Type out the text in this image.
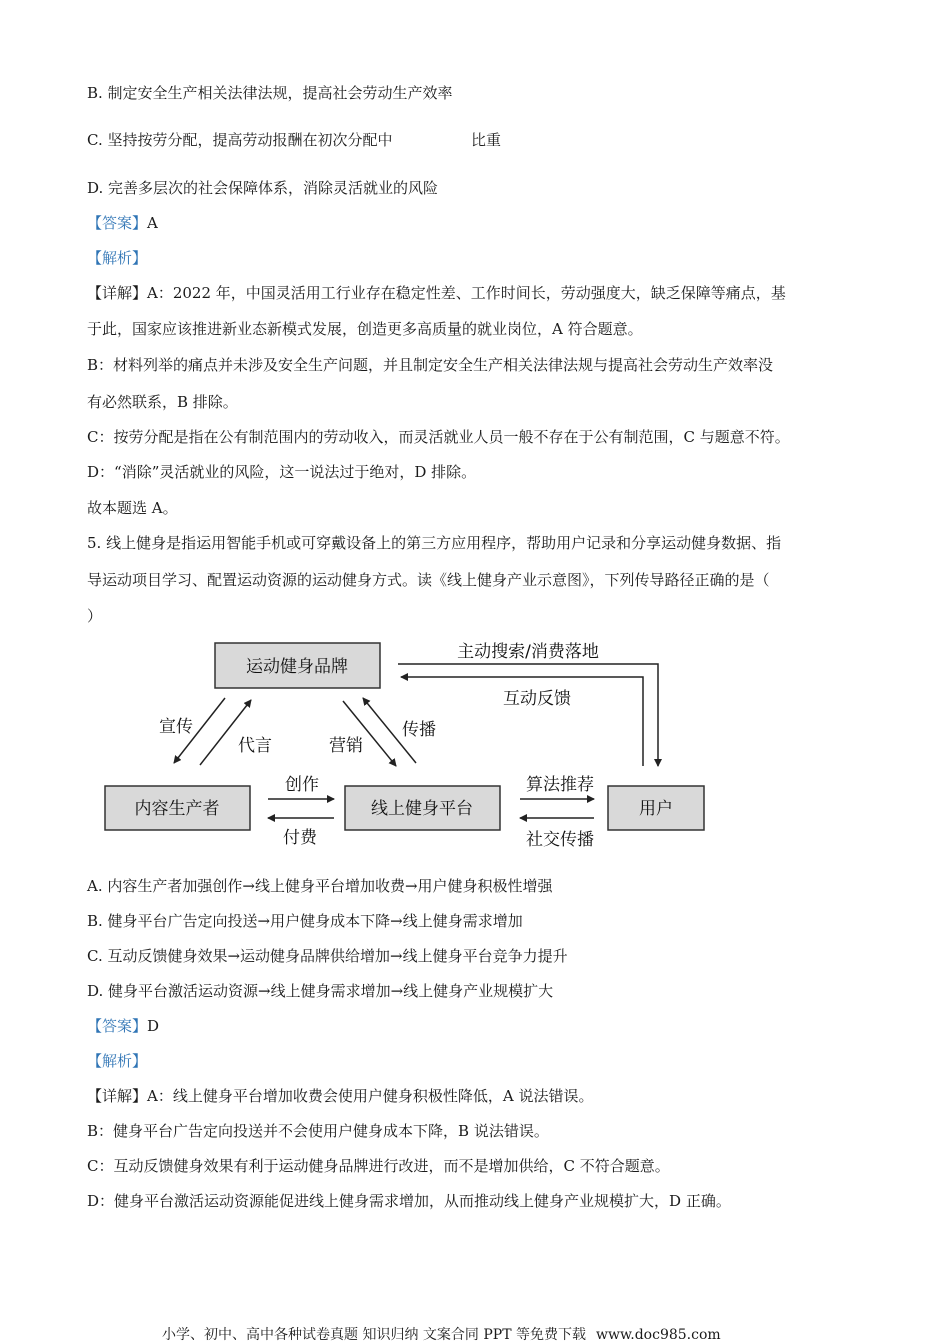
B. 制定安全生产相关法律法规，提高社会劳动生产效率
C. 坚持按劳分配，提高劳动报酬在初次分配中	比重
D. 完善多层次的社会保障体系，消除灵活就业的风险
【答案】A
【解析】
【详解】A：2022 年，中国灵活用工行业存在稳定性差、工作时间长，劳动强度大，缺乏保障等痛点，基
于此，国家应该推进新业态新模式发展，创造更多高质量的就业岗位，A 符合题意。
B：材料列举的痛点并未涉及安全生产问题，并且制定安全生产相关法律法规与提高社会劳动生产效率没
有必然联系，B 排除。
C：按劳分配是指在公有制范围内的劳动收入，而灵活就业人员一般不存在于公有制范围，C 与题意不符。
D：“消除”灵活就业的风险，这一说法过于绝对，D 排除。
故本题选 A。
5. 线上健身是指运用智能手机或可穿戴设备上的第三方应用程序，帮助用户记录和分享运动健身数据、指
导运动项目学习、配置运动资源的运动健身方式。读《线上健身产业示意图》，下列传导路径正确的是（
）
运动健身品牌
内容生产者	线上健身平台	用户
主动搜索/消费落地
互动反馈
宣传
代言	营销
传播
创作
付费
算法推荐
社交传播
A. 内容生产者加强创作→线上健身平台增加收费→用户健身积极性增强
B. 健身平台广告定向投送→用户健身成本下降→线上健身需求增加
C. 互动反馈健身效果→运动健身品牌供给增加→线上健身平台竞争力提升
D. 健身平台激活运动资源→线上健身需求增加→线上健身产业规模扩大
【答案】D
【解析】
【详解】A：线上健身平台增加收费会使用户健身积极性降低，A 说法错误。
B：健身平台广告定向投送并不会使用户健身成本下降，B 说法错误。
C：互动反馈健身效果有利于运动健身品牌进行改进，而不是增加供给，C 不符合题意。
D：健身平台激活运动资源能促进线上健身需求增加，从而推动线上健身产业规模扩大，D 正确。
小学、初中、高中各种试卷真题 知识归纳 文案合同 PPT 等免费下载 www.doc985.com
